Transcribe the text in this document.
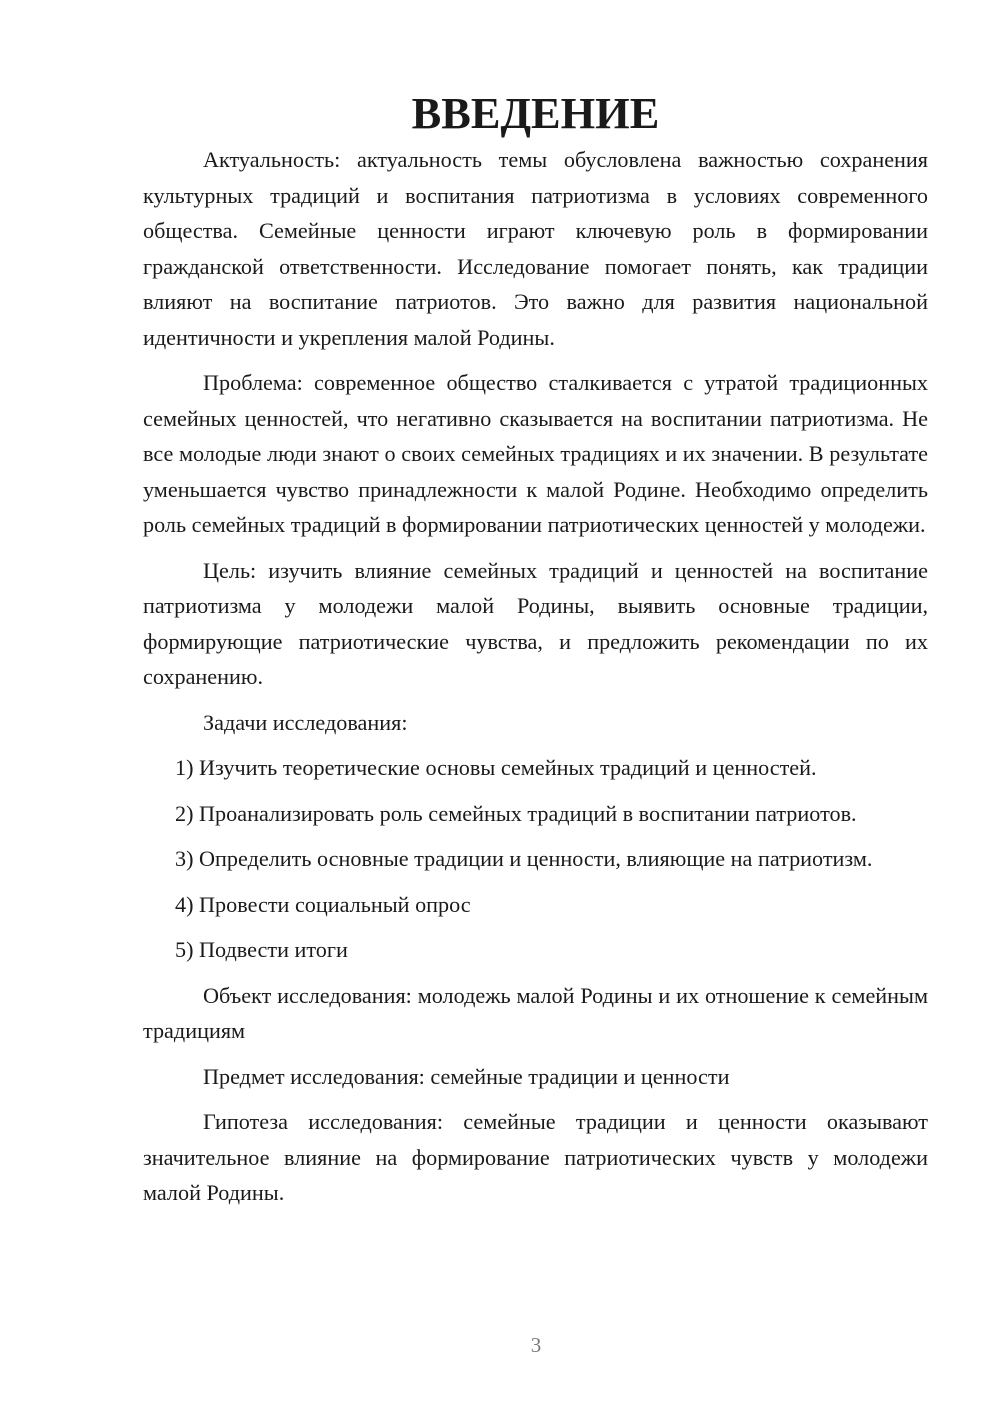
ВВЕДЕНИЕ

Актуальность: актуальность темы обусловлена важностью сохранения культурных традиций и воспитания патриотизма в условиях современного общества. Семейные ценности играют ключевую роль в формировании гражданской ответственности. Исследование помогает понять, как традиции влияют на воспитание патриотов. Это важно для развития национальной идентичности и укрепления малой Родины.

Проблема: современное общество сталкивается с утратой традиционных семейных ценностей, что негативно сказывается на воспитании патриотизма. Не все молодые люди знают о своих семейных традициях и их значении. В результате уменьшается чувство принадлежности к малой Родине. Необходимо определить роль семейных традиций в формировании патриотических ценностей у молодежи.

Цель: изучить влияние семейных традиций и ценностей на воспитание патриотизма у молодежи малой Родины, выявить основные традиции, формирующие патриотические чувства, и предложить рекомендации по их сохранению.

Задачи исследования:

1) Изучить теоретические основы семейных традиций и ценностей.

2) Проанализировать роль семейных традиций в воспитании патриотов.

3) Определить основные традиции и ценности, влияющие на патриотизм.

4) Провести социальный опрос

5) Подвести итоги

Объект исследования: молодежь малой Родины и их отношение к семейным традициям

Предмет исследования: семейные традиции и ценности

Гипотеза исследования: семейные традиции и ценности оказывают значительное влияние на формирование патриотических чувств у молодежи малой Родины.

3
